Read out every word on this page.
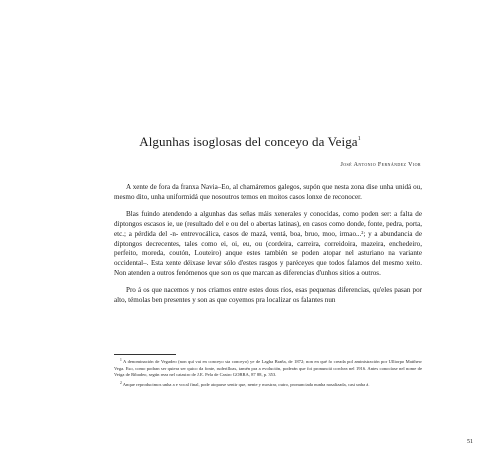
Algunhas isoglosas del conceyo da Veiga$^1$
José Antonio Fernández Vior

A xente de fora da franxa Navia–Eo, al chamáremos galegos, supón que nesta zona dise unha unidá ou, mesmo dito, unha uniformidá que nosoutros temos en moitos casos lonxe de reconocer.

Blas fuindo atendendo a algunhas das señas máis xenerales y conocidas, como poden ser: a falta de diptongos escasos ie, ue (resultado del e ou del o abertas latinas), en casos como donde, fonte, pedra, porta, etc.; a pérdida del -n- entrevocálica, casos de mazá, ventá, boa, bruo, moo, irmao...²; y a abundancia de diptongos decrecentes, tales como ei, oi, eu, ou (cordeira, carreira, correidoira, mazeira, enchedeiro, perfeito, moreda, coutón, Louteiro) anque estes también se poden atopar nel asturiano na variante occidental–. Esta xente déixase levar sólo d'estes rasgos y paréceyes que todos falamos del mesmo xeito. Non atenden a outros fenómenos que son os que marcan as diferencias d'unhos sitios a outros.

Pro á os que nacemos y nos criamos entre estes dous ríos, esas pequenas diferencias, qu'eles pasan por alto, témolas ben presentes y son as que coyemos pra localizar os falantes nun

$^1$ A denominación de Vegadeo (non quí vai en conceyo sta conceyo) ye de Lagha Braña, de 1872; non en qué fo creada pol aministración por Ulliorpo Matthew Vega. Eso, como podran ser quiera ser quico da fonte, ruderilloas, tamén pra a evolución, poderán que foi pronunciá corchea nel 1916. Antes conocíase nel nome de Veiga de Ribadeo, según reza nel catastro de J.E. Pela de Castro GOBRA, 87 88, p. 353.

$^2$ Anque reproducimos unha a e vocal final, pode atoparse sentir que, nente y mostrar, outro, pronunciada nunha nasalizada, casi unha á.

51
